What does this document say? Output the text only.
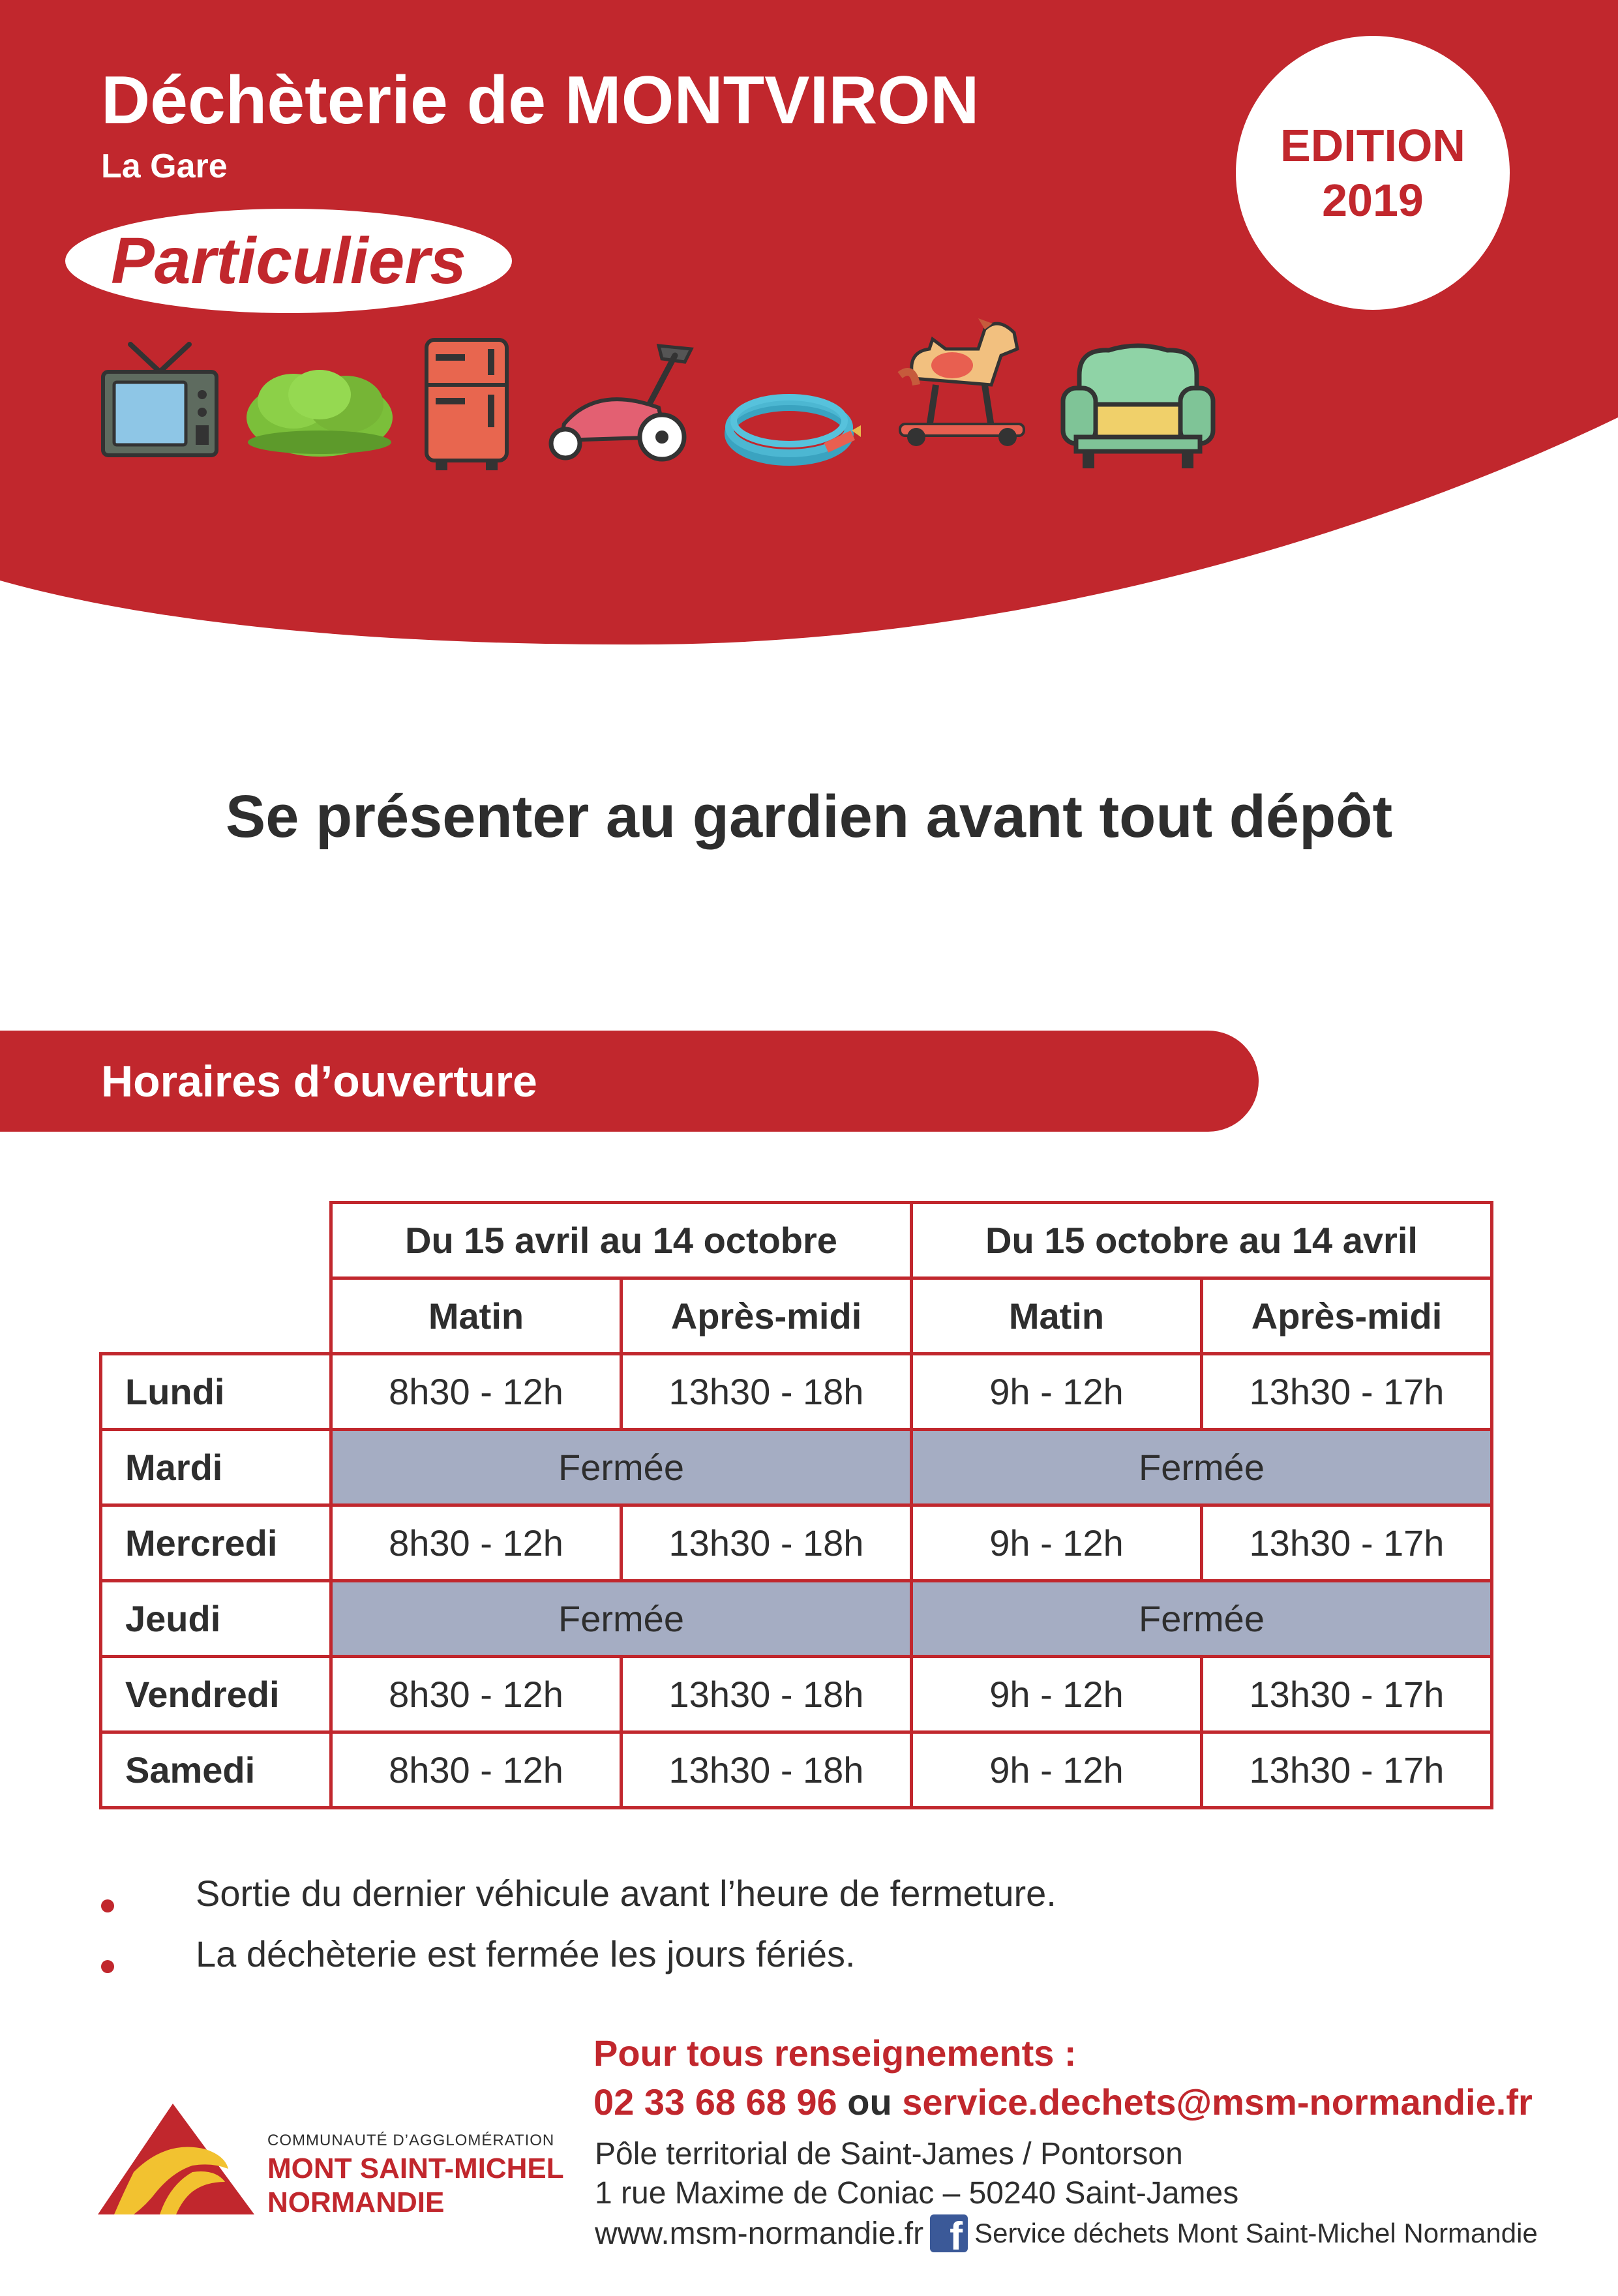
Déchèterie de MONTVIRON
La Gare
Particuliers
EDITION
2019
Se présenter au gardien avant tout dépôt
Horaires d’ouverture
	Du 15 avril au 14 octobre		Du 15 octobre au 14 avril	
	Matin	Après-midi	Matin	Après-midi
Lundi	8h30 - 12h	13h30 - 18h	9h - 12h	13h30 - 17h
Mardi	Fermée		Fermée	
Mercredi	8h30 - 12h	13h30 - 18h	9h - 12h	13h30 - 17h
Jeudi	Fermée		Fermée	
Vendredi	8h30 - 12h	13h30 - 18h	9h - 12h	13h30 - 17h
Samedi	8h30 - 12h	13h30 - 18h	9h - 12h	13h30 - 17h
Sortie du dernier véhicule avant l’heure de fermeture.
La déchèterie est fermée les jours fériés.
COMMUNAUTÉ D’AGGLOMÉRATION
MONT SAINT-MICHEL
NORMANDIE
Pour tous renseignements :
02 33 68 68 96 ou service.dechets@msm-normandie.fr
Pôle territorial de Saint-James / Pontorson
1 rue Maxime de Coniac – 50240 Saint-James
www.msm-normandie.fr f Service déchets Mont Saint-Michel Normandie
